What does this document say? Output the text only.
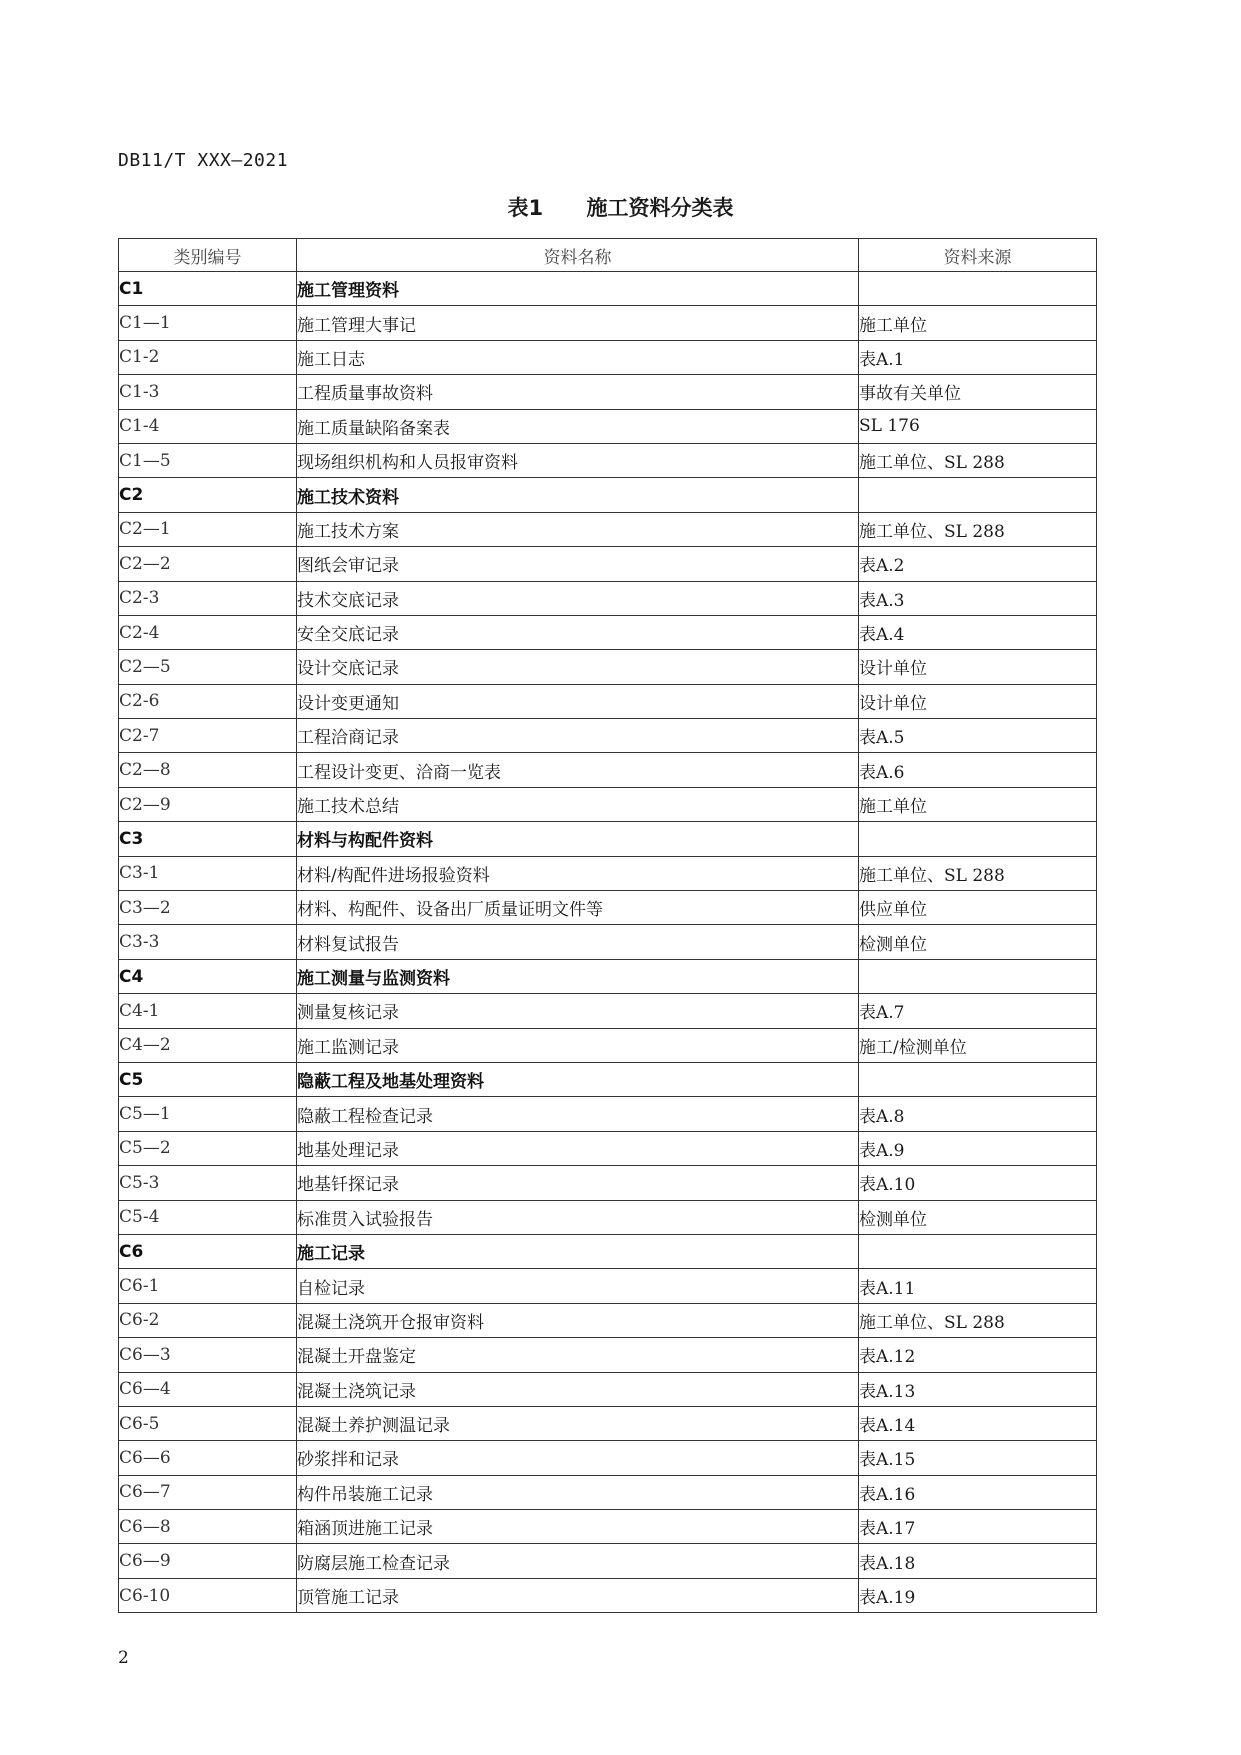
DB11/T XXX—2021
表1 施工资料分类表
类别编号	资料名称	资料来源
C1	施工管理资料	
C1—1	施工管理大事记	施工单位
C1-2	施工日志	表A.1
C1-3	工程质量事故资料	事故有关单位
C1-4	施工质量缺陷备案表	SL 176
C1—5	现场组织机构和人员报审资料	施工单位、SL 288
C2	施工技术资料	
C2—1	施工技术方案	施工单位、SL 288
C2—2	图纸会审记录	表A.2
C2-3	技术交底记录	表A.3
C2-4	安全交底记录	表A.4
C2—5	设计交底记录	设计单位
C2-6	设计变更通知	设计单位
C2-7	工程洽商记录	表A.5
C2—8	工程设计变更、洽商一览表	表A.6
C2—9	施工技术总结	施工单位
C3	材料与构配件资料	
C3-1	材料/构配件进场报验资料	施工单位、SL 288
C3—2	材料、构配件、设备出厂质量证明文件等	供应单位
C3-3	材料复试报告	检测单位
C4	施工测量与监测资料	
C4-1	测量复核记录	表A.7
C4—2	施工监测记录	施工/检测单位
C5	隐蔽工程及地基处理资料	
C5—1	隐蔽工程检查记录	表A.8
C5—2	地基处理记录	表A.9
C5-3	地基钎探记录	表A.10
C5-4	标准贯入试验报告	检测单位
C6	施工记录	
C6-1	自检记录	表A.11
C6-2	混凝土浇筑开仓报审资料	施工单位、SL 288
C6—3	混凝土开盘鉴定	表A.12
C6—4	混凝土浇筑记录	表A.13
C6-5	混凝土养护测温记录	表A.14
C6—6	砂浆拌和记录	表A.15
C6—7	构件吊装施工记录	表A.16
C6—8	箱涵顶进施工记录	表A.17
C6—9	防腐层施工检查记录	表A.18
C6-10	顶管施工记录	表A.19
2
